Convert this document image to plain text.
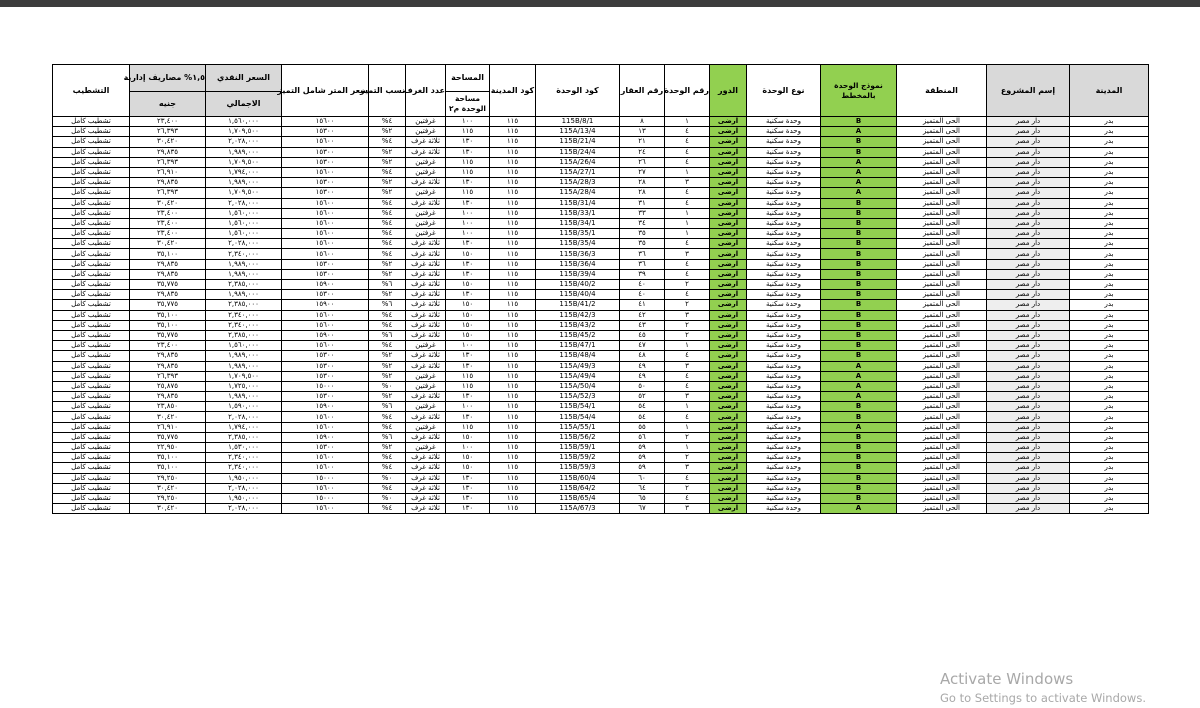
المدينة	إسم المشروع	المنطقة	نموذج الوحدة بالمخطط	نوع الوحدة	الدور	رقم الوحدة	رقم العقار	كود الوحدة	كود المدينة	المساحة	عدد الغرف	نسب التميز	سعر المتر شامل التميز	السعر النقدي	١,٥% مصاريف إدارية	التشطيب
										مساحة الوحدة م٢				الاجمالي	جنيه	
بدر	دار مصر	الحى المتميز	B	وحدة سكنية	ارضى	١	٨	115B/8/1	١١٥	١٠٠	غرفتين	٤%	١٥٦٠٠	١,٥٦٠,٠٠٠	٢٣,٤٠٠	تشطيب كامل
بدر	دار مصر	الحى المتميز	A	وحدة سكنية	ارضى	٤	١٣	115A/13/4	١١٥	١١٥	غرفتين	٢%	١٥٣٠٠	١,٧٠٩,٥٠٠	٢٦,٣٩٣	تشطيب كامل
بدر	دار مصر	الحى المتميز	B	وحدة سكنية	ارضى	٤	٢١	115B/21/4	١١٥	١٣٠	ثلاثة غرف	٤%	١٥٦٠٠	٢,٠٢٨,٠٠٠	٣٠,٤٢٠	تشطيب كامل
بدر	دار مصر	الحى المتميز	B	وحدة سكنية	ارضى	٤	٢٤	115B/24/4	١١٥	١٣٠	ثلاثة غرف	٢%	١٥٣٠٠	١,٩٨٩,٠٠٠	٢٩,٨٣٥	تشطيب كامل
بدر	دار مصر	الحى المتميز	A	وحدة سكنية	ارضى	٤	٢٦	115A/26/4	١١٥	١١٥	غرفتين	٢%	١٥٣٠٠	١,٧٠٩,٥٠٠	٢٦,٣٩٣	تشطيب كامل
بدر	دار مصر	الحى المتميز	A	وحدة سكنية	ارضى	١	٢٧	115A/27/1	١١٥	١١٥	غرفتين	٤%	١٥٦٠٠	١,٧٩٤,٠٠٠	٢٦,٩١٠	تشطيب كامل
بدر	دار مصر	الحى المتميز	A	وحدة سكنية	ارضى	٣	٢٨	115A/28/3	١١٥	١٣٠	ثلاثة غرف	٢%	١٥٣٠٠	١,٩٨٩,٠٠٠	٢٩,٨٣٥	تشطيب كامل
بدر	دار مصر	الحى المتميز	A	وحدة سكنية	ارضى	٤	٢٨	115A/28/4	١١٥	١١٥	غرفتين	٢%	١٥٣٠٠	١,٧٠٩,٥٠٠	٢٦,٣٩٣	تشطيب كامل
بدر	دار مصر	الحى المتميز	B	وحدة سكنية	ارضى	٤	٣١	115B/31/4	١١٥	١٣٠	ثلاثة غرف	٤%	١٥٦٠٠	٢,٠٢٨,٠٠٠	٣٠,٤٢٠	تشطيب كامل
بدر	دار مصر	الحى المتميز	B	وحدة سكنية	ارضى	١	٣٣	115B/33/1	١١٥	١٠٠	غرفتين	٤%	١٥٦٠٠	١,٥٦٠,٠٠٠	٢٣,٤٠٠	تشطيب كامل
بدر	دار مصر	الحى المتميز	B	وحدة سكنية	ارضى	١	٣٤	115B/34/1	١١٥	١٠٠	غرفتين	٤%	١٥٦٠٠	١,٥٦٠,٠٠٠	٢٣,٤٠٠	تشطيب كامل
بدر	دار مصر	الحى المتميز	B	وحدة سكنية	ارضى	١	٣٥	115B/35/1	١١٥	١٠٠	غرفتين	٤%	١٥٦٠٠	١,٥٦٠,٠٠٠	٢٣,٤٠٠	تشطيب كامل
بدر	دار مصر	الحى المتميز	B	وحدة سكنية	ارضى	٤	٣٥	115B/35/4	١١٥	١٣٠	ثلاثة غرف	٤%	١٥٦٠٠	٢,٠٢٨,٠٠٠	٣٠,٤٢٠	تشطيب كامل
بدر	دار مصر	الحى المتميز	B	وحدة سكنية	ارضى	٣	٣٦	115B/36/3	١١٥	١٥٠	ثلاثة غرف	٤%	١٥٦٠٠	٢,٣٤٠,٠٠٠	٣٥,١٠٠	تشطيب كامل
بدر	دار مصر	الحى المتميز	B	وحدة سكنية	ارضى	٤	٣٦	115B/36/4	١١٥	١٣٠	ثلاثة غرف	٢%	١٥٣٠٠	١,٩٨٩,٠٠٠	٢٩,٨٣٥	تشطيب كامل
بدر	دار مصر	الحى المتميز	B	وحدة سكنية	ارضى	٤	٣٩	115B/39/4	١١٥	١٣٠	ثلاثة غرف	٢%	١٥٣٠٠	١,٩٨٩,٠٠٠	٢٩,٨٣٥	تشطيب كامل
بدر	دار مصر	الحى المتميز	B	وحدة سكنية	ارضى	٢	٤٠	115B/40/2	١١٥	١٥٠	ثلاثة غرف	٦%	١٥٩٠٠	٢,٣٨٥,٠٠٠	٣٥,٧٧٥	تشطيب كامل
بدر	دار مصر	الحى المتميز	B	وحدة سكنية	ارضى	٤	٤٠	115B/40/4	١١٥	١٣٠	ثلاثة غرف	٢%	١٥٣٠٠	١,٩٨٩,٠٠٠	٢٩,٨٣٥	تشطيب كامل
بدر	دار مصر	الحى المتميز	B	وحدة سكنية	ارضى	٢	٤١	115B/41/2	١١٥	١٥٠	ثلاثة غرف	٦%	١٥٩٠٠	٢,٣٨٥,٠٠٠	٣٥,٧٧٥	تشطيب كامل
بدر	دار مصر	الحى المتميز	B	وحدة سكنية	ارضى	٣	٤٢	115B/42/3	١١٥	١٥٠	ثلاثة غرف	٤%	١٥٦٠٠	٢,٣٤٠,٠٠٠	٣٥,١٠٠	تشطيب كامل
بدر	دار مصر	الحى المتميز	B	وحدة سكنية	ارضى	٢	٤٣	115B/43/2	١١٥	١٥٠	ثلاثة غرف	٤%	١٥٦٠٠	٢,٣٤٠,٠٠٠	٣٥,١٠٠	تشطيب كامل
بدر	دار مصر	الحى المتميز	B	وحدة سكنية	ارضى	٢	٤٥	115B/45/2	١١٥	١٥٠	ثلاثة غرف	٦%	١٥٩٠٠	٢,٣٨٥,٠٠٠	٣٥,٧٧٥	تشطيب كامل
بدر	دار مصر	الحى المتميز	B	وحدة سكنية	ارضى	١	٤٧	115B/47/1	١١٥	١٠٠	غرفتين	٤%	١٥٦٠٠	١,٥٦٠,٠٠٠	٢٣,٤٠٠	تشطيب كامل
بدر	دار مصر	الحى المتميز	B	وحدة سكنية	ارضى	٤	٤٨	115B/48/4	١١٥	١٣٠	ثلاثة غرف	٢%	١٥٣٠٠	١,٩٨٩,٠٠٠	٢٩,٨٣٥	تشطيب كامل
بدر	دار مصر	الحى المتميز	A	وحدة سكنية	ارضى	٣	٤٩	115A/49/3	١١٥	١٣٠	ثلاثة غرف	٢%	١٥٣٠٠	١,٩٨٩,٠٠٠	٢٩,٨٣٥	تشطيب كامل
بدر	دار مصر	الحى المتميز	A	وحدة سكنية	ارضى	٤	٤٩	115A/49/4	١١٥	١١٥	غرفتين	٢%	١٥٣٠٠	١,٧٠٩,٥٠٠	٢٦,٣٩٣	تشطيب كامل
بدر	دار مصر	الحى المتميز	A	وحدة سكنية	ارضى	٤	٥٠	115A/50/4	١١٥	١١٥	غرفتين	٠%	١٥٠٠٠	١,٧٢٥,٠٠٠	٢٥,٨٧٥	تشطيب كامل
بدر	دار مصر	الحى المتميز	A	وحدة سكنية	ارضى	٣	٥٢	115A/52/3	١١٥	١٣٠	ثلاثة غرف	٢%	١٥٣٠٠	١,٩٨٩,٠٠٠	٢٩,٨٣٥	تشطيب كامل
بدر	دار مصر	الحى المتميز	B	وحدة سكنية	ارضى	١	٥٤	115B/54/1	١١٥	١٠٠	غرفتين	٦%	١٥٩٠٠	١,٥٩٠,٠٠٠	٢٣,٨٥٠	تشطيب كامل
بدر	دار مصر	الحى المتميز	B	وحدة سكنية	ارضى	٤	٥٤	115B/54/4	١١٥	١٣٠	ثلاثة غرف	٤%	١٥٦٠٠	٢,٠٢٨,٠٠٠	٣٠,٤٢٠	تشطيب كامل
بدر	دار مصر	الحى المتميز	A	وحدة سكنية	ارضى	١	٥٥	115A/55/1	١١٥	١١٥	غرفتين	٤%	١٥٦٠٠	١,٧٩٤,٠٠٠	٢٦,٩١٠	تشطيب كامل
بدر	دار مصر	الحى المتميز	B	وحدة سكنية	ارضى	٢	٥٦	115B/56/2	١١٥	١٥٠	ثلاثة غرف	٦%	١٥٩٠٠	٢,٣٨٥,٠٠٠	٣٥,٧٧٥	تشطيب كامل
بدر	دار مصر	الحى المتميز	B	وحدة سكنية	ارضى	١	٥٩	115B/59/1	١١٥	١٠٠	غرفتين	٢%	١٥٣٠٠	١,٥٣٠,٠٠٠	٢٢,٩٥٠	تشطيب كامل
بدر	دار مصر	الحى المتميز	B	وحدة سكنية	ارضى	٢	٥٩	115B/59/2	١١٥	١٥٠	ثلاثة غرف	٤%	١٥٦٠٠	٢,٣٤٠,٠٠٠	٣٥,١٠٠	تشطيب كامل
بدر	دار مصر	الحى المتميز	B	وحدة سكنية	ارضى	٣	٥٩	115B/59/3	١١٥	١٥٠	ثلاثة غرف	٤%	١٥٦٠٠	٢,٣٤٠,٠٠٠	٣٥,١٠٠	تشطيب كامل
بدر	دار مصر	الحى المتميز	B	وحدة سكنية	ارضى	٤	٦٠	115B/60/4	١١٥	١٣٠	ثلاثة غرف	٠%	١٥٠٠٠	١,٩٥٠,٠٠٠	٢٩,٢٥٠	تشطيب كامل
بدر	دار مصر	الحى المتميز	B	وحدة سكنية	ارضى	٢	٦٤	115B/64/2	١١٥	١٣٠	ثلاثة غرف	٤%	١٥٦٠٠	٢,٠٢٨,٠٠٠	٣٠,٤٢٠	تشطيب كامل
بدر	دار مصر	الحى المتميز	B	وحدة سكنية	ارضى	٤	٦٥	115B/65/4	١١٥	١٣٠	ثلاثة غرف	٠%	١٥٠٠٠	١,٩٥٠,٠٠٠	٢٩,٢٥٠	تشطيب كامل
بدر	دار مصر	الحى المتميز	A	وحدة سكنية	ارضى	٣	٦٧	115A/67/3	١١٥	١٣٠	ثلاثة غرف	٤%	١٥٦٠٠	٢,٠٢٨,٠٠٠	٣٠,٤٢٠	تشطيب كامل
Activate Windows
Go to Settings to activate Windows.
